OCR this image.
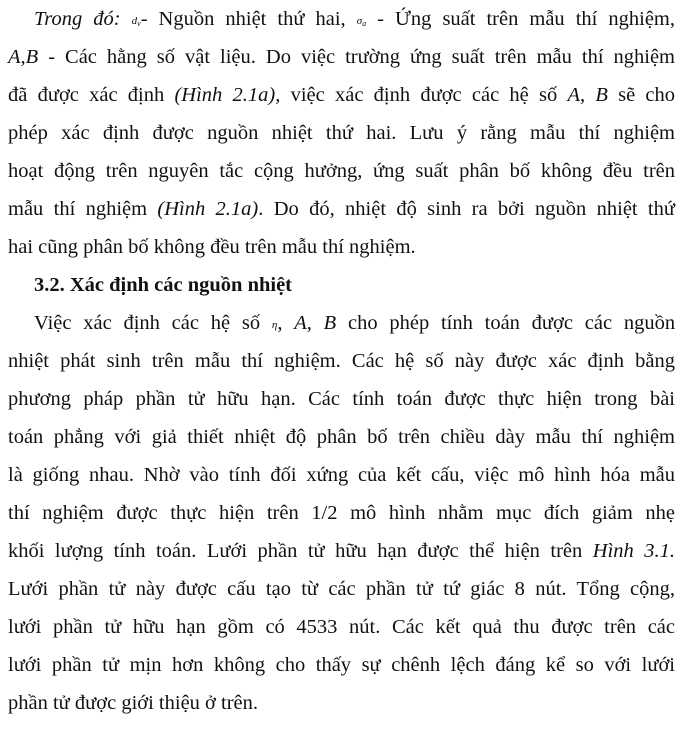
Trong đó: $d_v-$ Nguồn nhiệt thứ hai, $\sigma_a$ - Ứng suất trên mẫu thí nghiệm,
A,B - Các hằng số vật liệu. Do việc trường ứng suất trên mẫu thí nghiệm
đã được xác định (Hình 2.1a), việc xác định được các hệ số A, B sẽ cho
phép xác định được nguồn nhiệt thứ hai. Lưu ý rằng mẫu thí nghiệm
hoạt động trên nguyên tắc cộng hưởng, ứng suất phân bố không đều trên
mẫu thí nghiệm (Hình 2.1a). Do đó, nhiệt độ sinh ra bởi nguồn nhiệt thứ
hai cũng phân bố không đều trên mẫu thí nghiệm.
3.2. Xác định các nguồn nhiệt
Việc xác định các hệ số η, A, B cho phép tính toán được các nguồn
nhiệt phát sinh trên mẫu thí nghiệm. Các hệ số này được xác định bằng
phương pháp phần tử hữu hạn. Các tính toán được thực hiện trong bài
toán phẳng với giả thiết nhiệt độ phân bố trên chiều dày mẫu thí nghiệm
là giống nhau. Nhờ vào tính đối xứng của kết cấu, việc mô hình hóa mẫu
thí nghiệm được thực hiện trên 1/2 mô hình nhằm mục đích giảm nhẹ
khối lượng tính toán. Lưới phần tử hữu hạn được thể hiện trên Hình 3.1.
Lưới phần tử này được cấu tạo từ các phần tử tứ giác 8 nút. Tổng cộng,
lưới phần tử hữu hạn gồm có 4533 nút. Các kết quả thu được trên các
lưới phần tử mịn hơn không cho thấy sự chênh lệch đáng kể so với lưới
phần tử được giới thiệu ở trên.
